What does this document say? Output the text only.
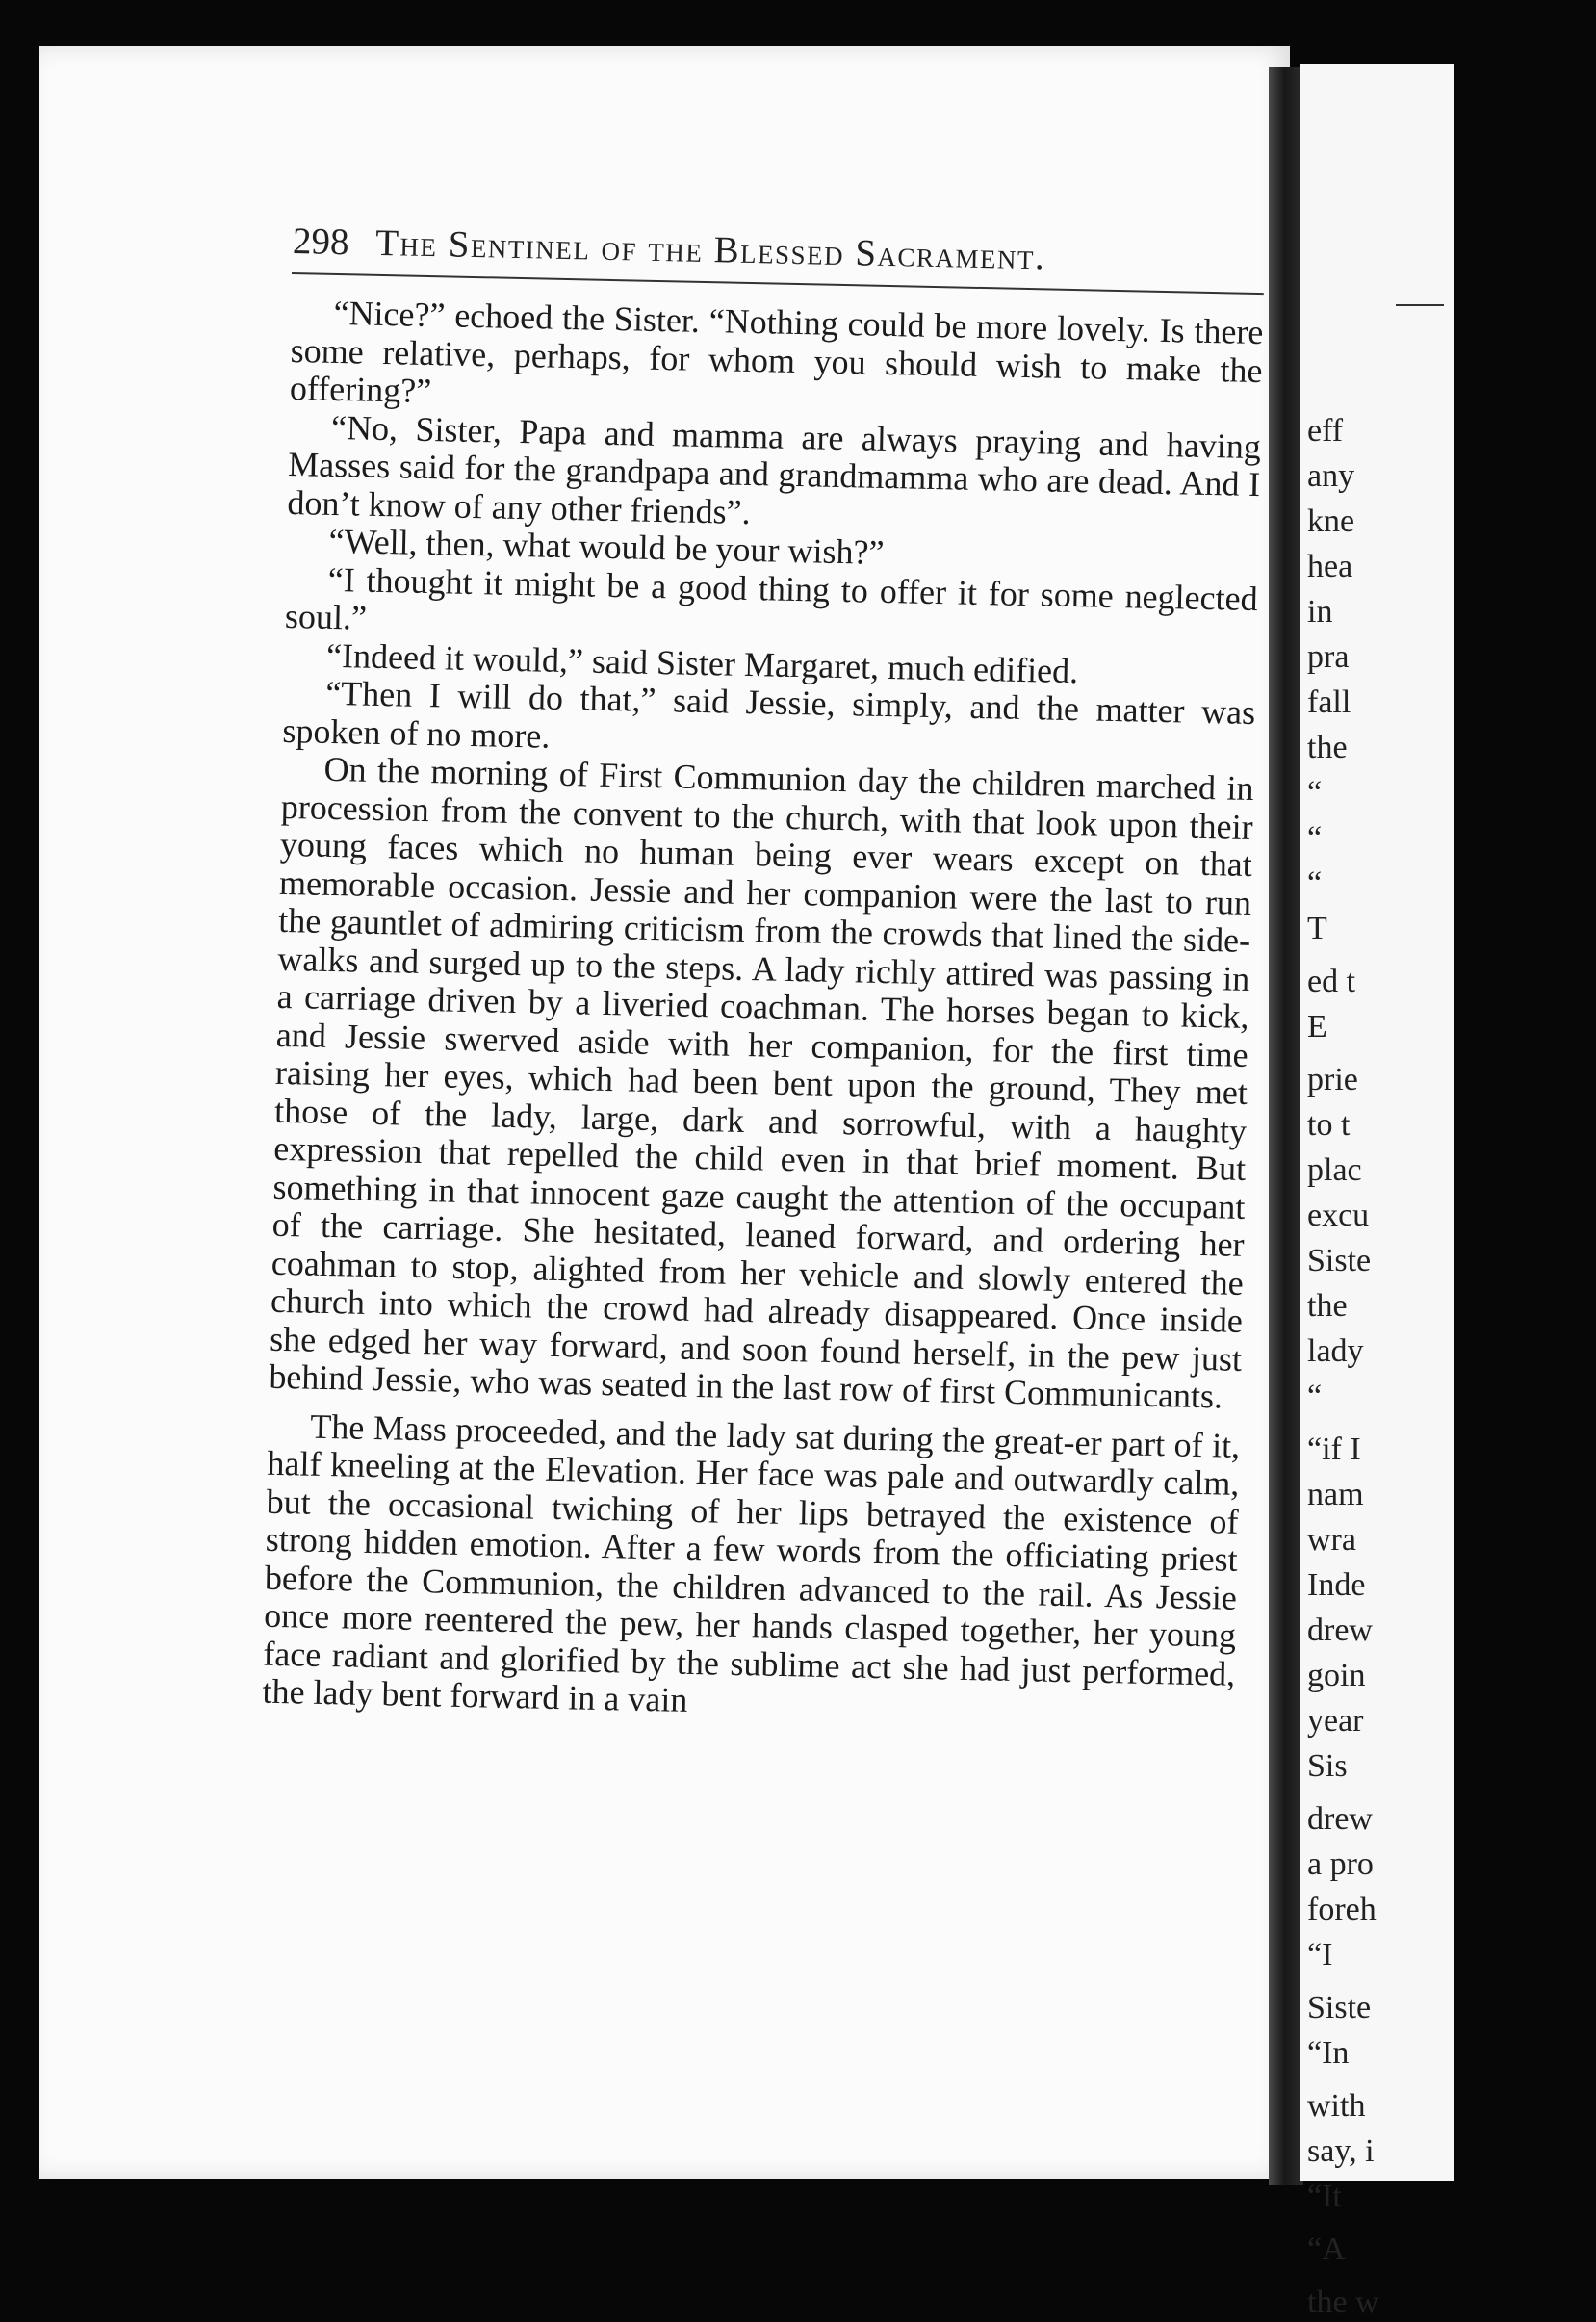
eff
any
kne
hea
in
pra
fall
the
“
“
“
T
ed t
E
prie
to t
plac
excu
Siste
the
lady
“
“if I
nam
wra
Inde
drew
goin
year
Sis
drew
a pro
foreh
“I
Siste
“In
with
say, i
“It
“A
the w
298 The Sentinel of the Blessed Sacrament.

“Nice?” echoed the Sister. “Nothing could be more lovely. Is there some relative, perhaps, for whom you should wish to make the offering?”

“No, Sister, Papa and mamma are always praying and having Masses said for the grandpapa and grandmamma who are dead. And I don’t know of any other friends”.

“Well, then, what would be your wish?”

“I thought it might be a good thing to offer it for some neglected soul.”

“Indeed it would,” said Sister Margaret, much edified.

“Then I will do that,” said Jessie, simply, and the matter was spoken of no more.

On the morning of First Communion day the children marched in procession from the convent to the church, with that look upon their young faces which no human being ever wears except on that memorable occasion. Jessie and her companion were the last to run the gauntlet of admiring criticism from the crowds that lined the side-walks and surged up to the steps. A lady richly attired was passing in a carriage driven by a liveried coachman. The horses began to kick, and Jessie swerved aside with her companion, for the first time raising her eyes, which had been bent upon the ground, They met those of the lady, large, dark and sorrowful, with a haughty expression that repelled the child even in that brief moment. But something in that innocent gaze caught the attention of the occupant of the carriage. She hesitated, leaned forward, and ordering her coahman to stop, alighted from her vehicle and slowly entered the church into which the crowd had already disappeared. Once inside she edged her way forward, and soon found herself, in the pew just behind Jessie, who was seated in the last row of first Communicants.

The Mass proceeded, and the lady sat during the great-er part of it, half kneeling at the Elevation. Her face was pale and outwardly calm, but the occasional twiching of her lips betrayed the existence of strong hidden emotion. After a few words from the officiating priest before the Communion, the children advanced to the rail. As Jessie once more reentered the pew, her hands clasped together, her young face radiant and glorified by the sublime act she had just performed, the lady bent forward in a vain
